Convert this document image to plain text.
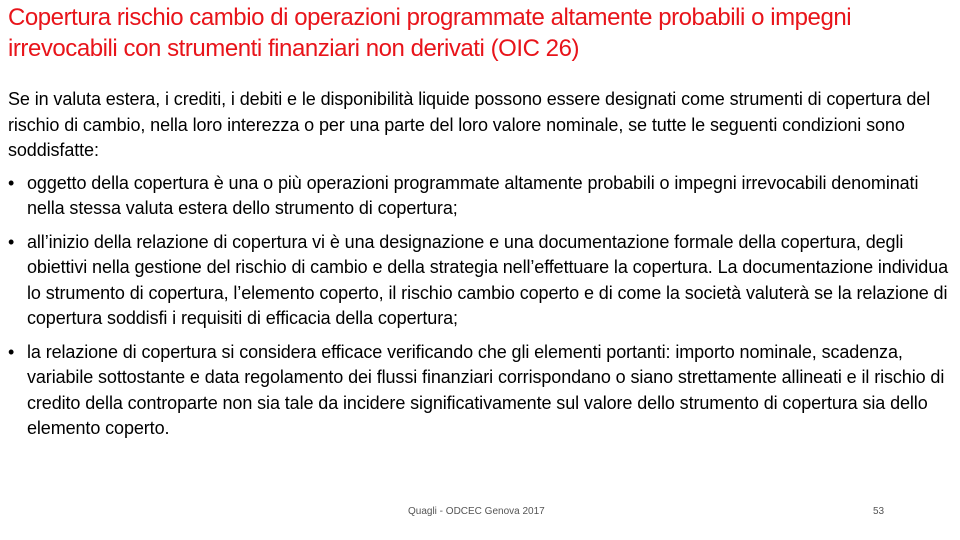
Copertura rischio cambio di operazioni programmate altamente probabili o impegni irrevocabili con strumenti finanziari non derivati (OIC 26)

Se in valuta estera, i crediti, i debiti e le disponibilità liquide possono essere designati come strumenti di copertura del rischio di cambio, nella loro interezza o per una parte del loro valore nominale, se tutte le seguenti condizioni sono soddisfatte:

• oggetto della copertura è una o più operazioni programmate altamente probabili o impegni irrevocabili denominati nella stessa valuta estera dello strumento di copertura;
• all’inizio della relazione di copertura vi è una designazione e una documentazione formale della copertura, degli obiettivi nella gestione del rischio di cambio e della strategia nell’effettuare la copertura. La documentazione individua lo strumento di copertura, l’elemento coperto, il rischio cambio coperto e di come la società valuterà se la relazione di copertura soddisfi i requisiti di efficacia della copertura;
• la relazione di copertura si considera efficace verificando che gli elementi portanti: importo nominale, scadenza, variabile sottostante e data regolamento dei flussi finanziari corrispondano o siano strettamente allineati e il rischio di credito della controparte non sia tale da incidere significativamente sul valore dello strumento di copertura sia dello elemento coperto.
Quagli - ODCEC Genova 2017	53
